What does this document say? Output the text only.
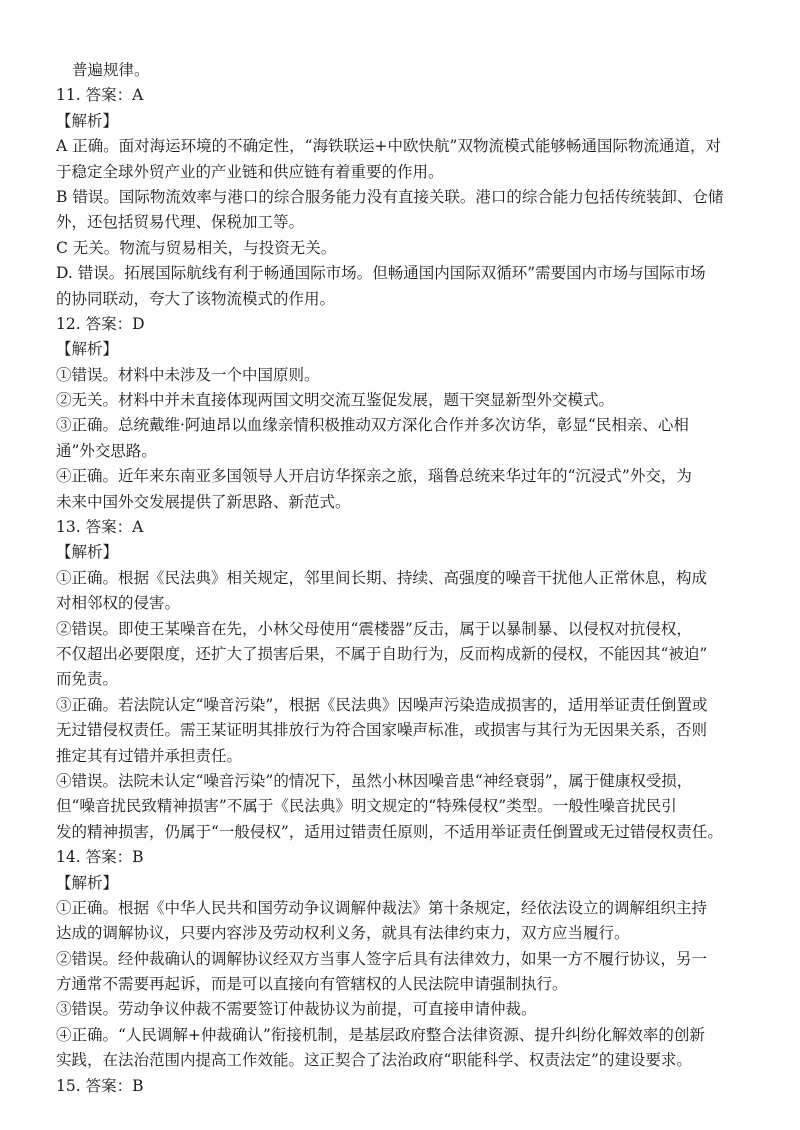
普遍规律。
11. 答案：A
【解析】
A 正确。面对海运环境的不确定性，“海铁联运+中欧快航”双物流模式能够畅通国际物流通道，对
于稳定全球外贸产业的产业链和供应链有着重要的作用。
B 错误。国际物流效率与港口的综合服务能力没有直接关联。港口的综合能力包括传统装卸、仓储
外，还包括贸易代理、保税加工等。
C 无关。物流与贸易相关，与投资无关。
D. 错误。拓展国际航线有利于畅通国际市场。但畅通国内国际双循环”需要国内市场与国际市场
的协同联动，夸大了该物流模式的作用。
12. 答案：D
【解析】
①错误。材料中未涉及一个中国原则。
②无关。材料中并未直接体现两国文明交流互鉴促发展，题干突显新型外交模式。
③正确。总统戴维·阿迪昂以血缘亲情积极推动双方深化合作并多次访华，彰显“民相亲、心相
通”外交思路。
④正确。近年来东南亚多国领导人开启访华探亲之旅，瑙鲁总统来华过年的“沉浸式”外交，为
未来中国外交发展提供了新思路、新范式。
13. 答案：A
【解析】
①正确。根据《民法典》相关规定，邻里间长期、持续、高强度的噪音干扰他人正常休息，构成
对相邻权的侵害。
②错误。即使王某噪音在先，小林父母使用“震楼器”反击，属于以暴制暴、以侵权对抗侵权，
不仅超出必要限度，还扩大了损害后果，不属于自助行为，反而构成新的侵权，不能因其“被迫”
而免责。
③正确。若法院认定“噪音污染”，根据《民法典》因噪声污染造成损害的，适用举证责任倒置或
无过错侵权责任。需王某证明其排放行为符合国家噪声标准，或损害与其行为无因果关系，否则
推定其有过错并承担责任。
④错误。法院未认定“噪音污染”的情况下，虽然小林因噪音患“神经衰弱”，属于健康权受损，
但“噪音扰民致精神损害”不属于《民法典》明文规定的“特殊侵权”类型。一般性噪音扰民引
发的精神损害，仍属于“一般侵权”，适用过错责任原则，不适用举证责任倒置或无过错侵权责任。
14. 答案：B
【解析】
①正确。根据《中华人民共和国劳动争议调解仲裁法》第十条规定，经依法设立的调解组织主持
达成的调解协议，只要内容涉及劳动权利义务，就具有法律约束力，双方应当履行。
②错误。经仲裁确认的调解协议经双方当事人签字后具有法律效力，如果一方不履行协议，另一
方通常不需要再起诉，而是可以直接向有管辖权的人民法院申请强制执行。
③错误。劳动争议仲裁不需要签订仲裁协议为前提，可直接申请仲裁。
④正确。“人民调解+仲裁确认”衔接机制，是基层政府整合法律资源、提升纠纷化解效率的创新
实践，在法治范围内提高工作效能。这正契合了法治政府“职能科学、权责法定”的建设要求。
15. 答案：B
